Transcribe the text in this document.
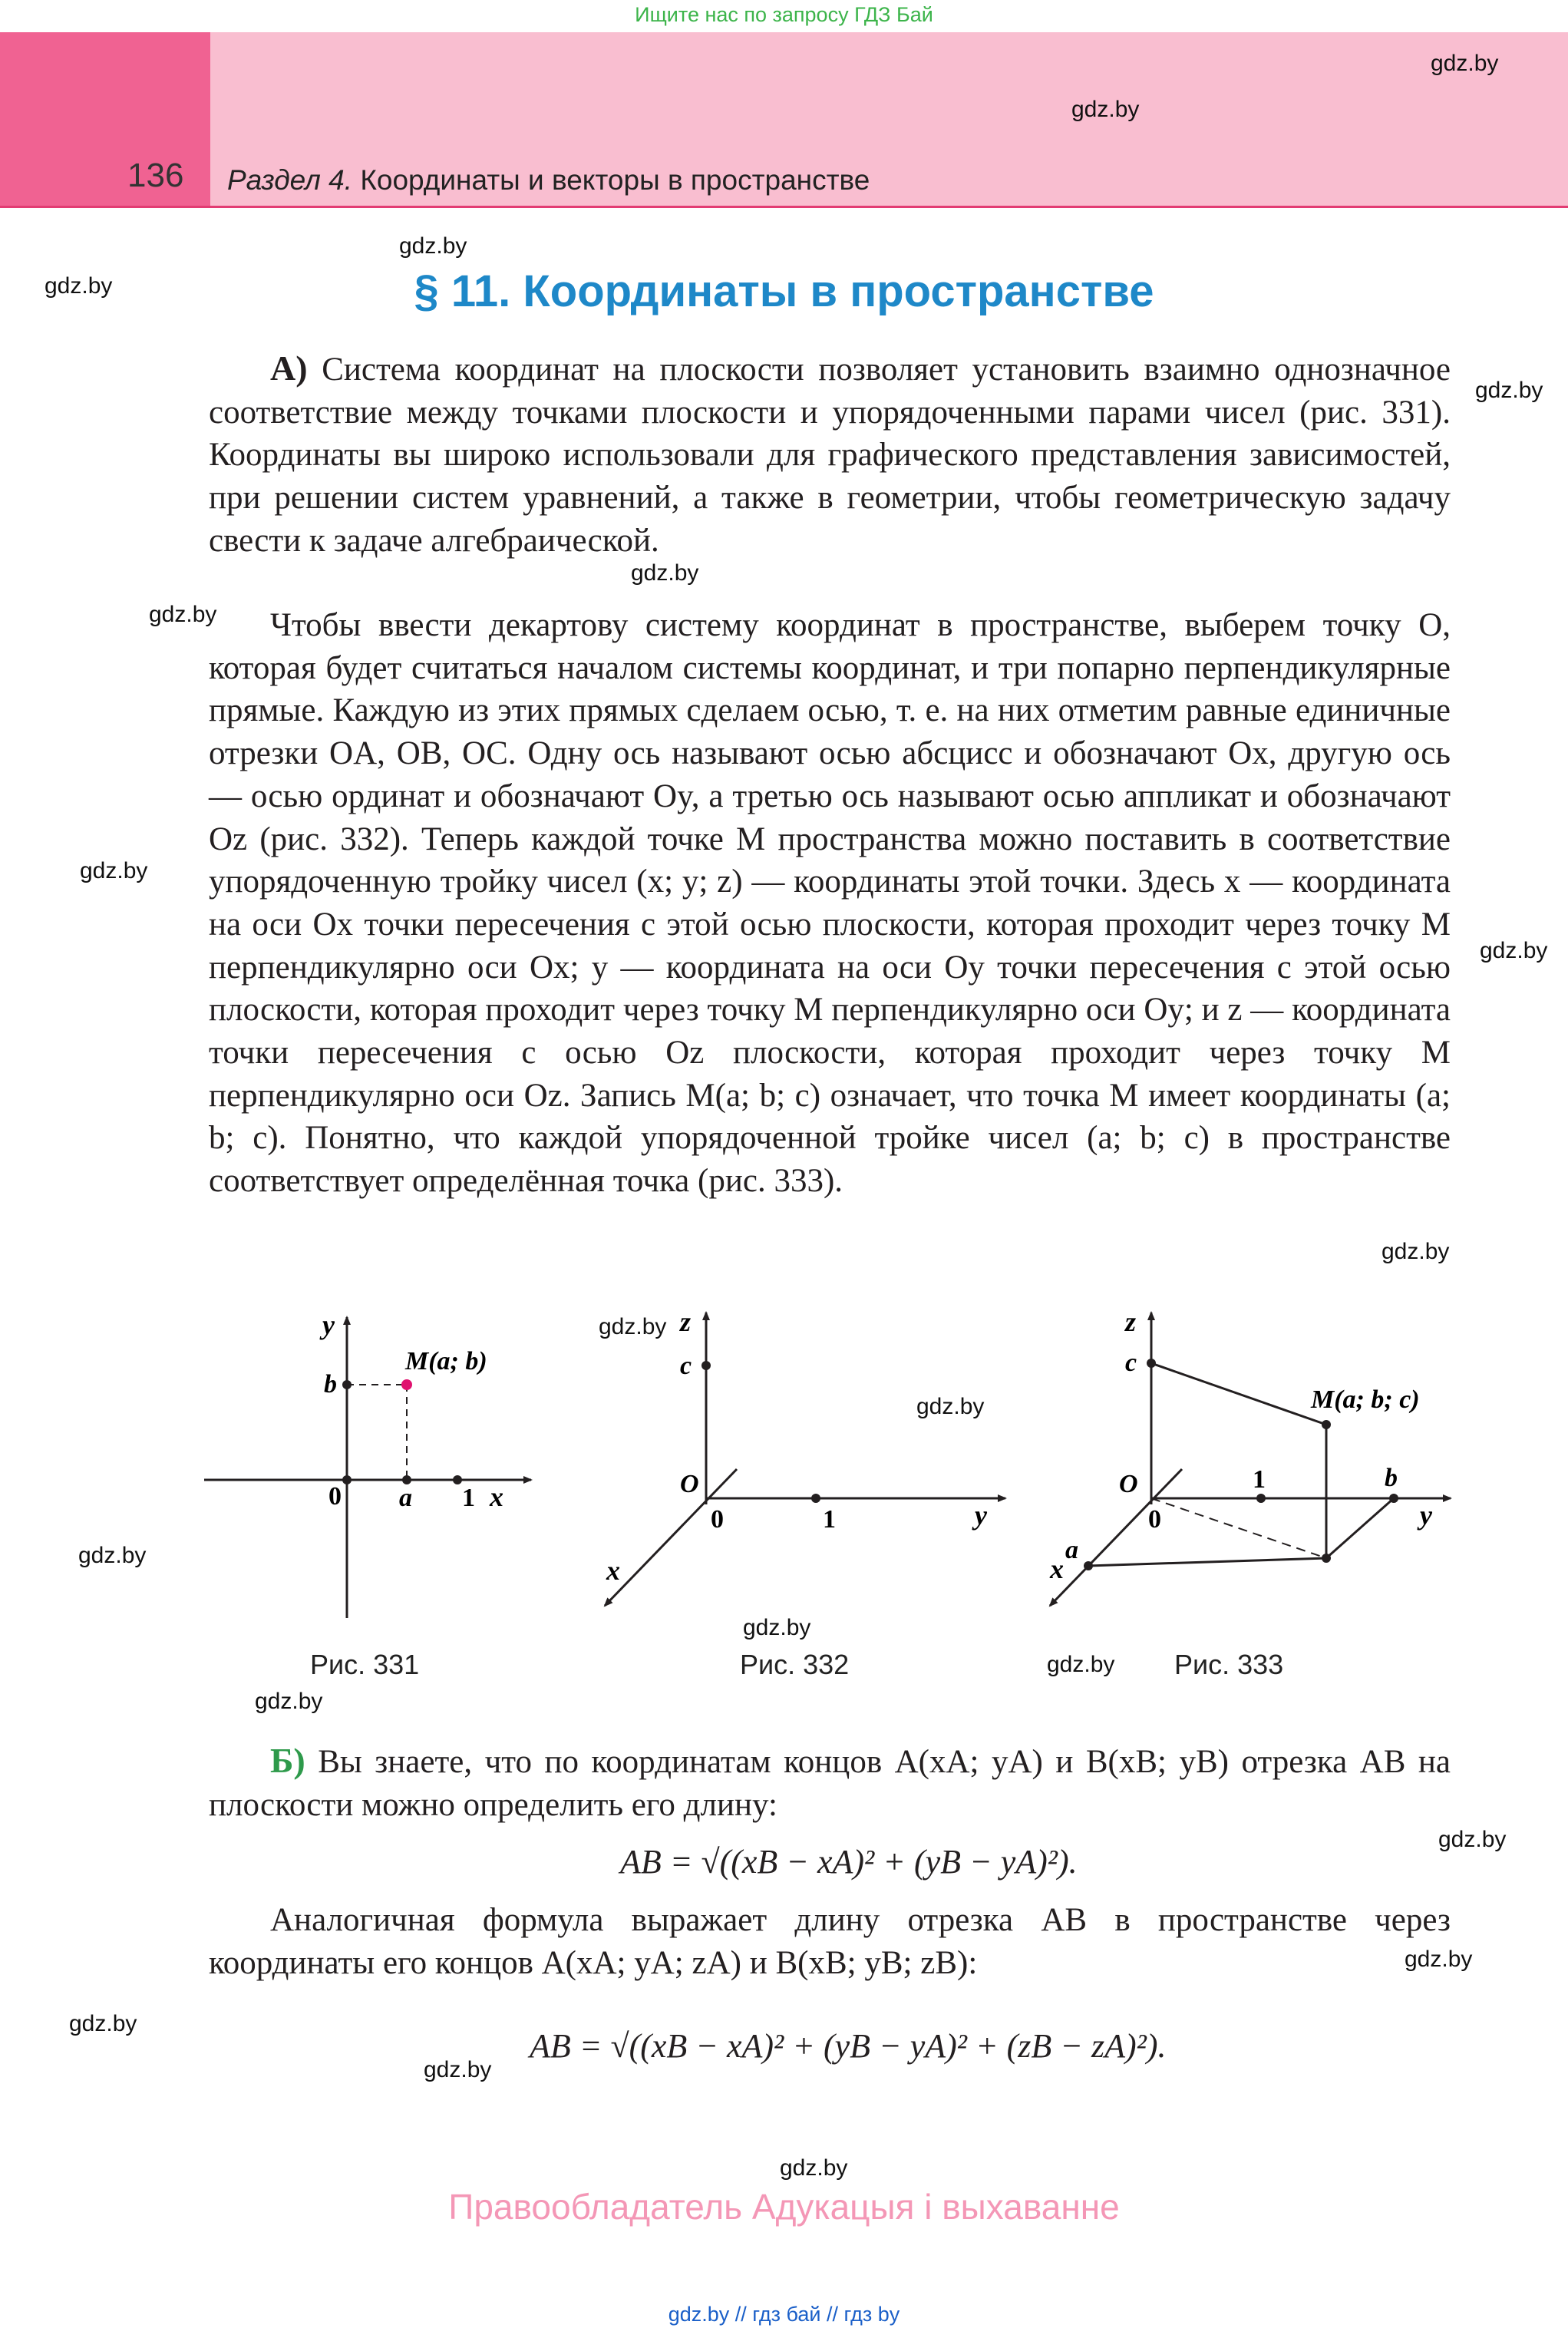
Ищите нас по запросу ГДЗ Бай
136 Раздел 4. Координаты и векторы в пространстве
gdz.by
gdz.by
gdz.by
gdz.by
gdz.by
gdz.by
gdz.by
gdz.by
gdz.by
gdz.by
gdz.by
gdz.by
gdz.by
gdz.by
gdz.by
gdz.by
gdz.by
gdz.by
gdz.by
gdz.by
gdz.by
§ 11. Координаты в пространстве

А) Система координат на плоскости позволяет установить взаимно однозначное соответствие между точками плоскости и упорядоченными парами чисел (рис. 331). Координаты вы широко использовали для графического представления зависимостей, при решении систем уравнений, а также в геометрии, чтобы геометрическую задачу свести к задаче алгебраической.

Чтобы ввести декартову систему координат в пространстве, выберем точку O, которая будет считаться началом системы координат, и три попарно перпендикулярные прямые. Каждую из этих прямых сделаем осью, т. е. на них отметим равные единичные отрезки OA, OB, OC. Одну ось называют осью абсцисс и обозначают Ox, другую ось — осью ординат и обозначают Oy, а третью ось называют осью аппликат и обозначают Oz (рис. 332). Теперь каждой точке M пространства можно поставить в соответствие упорядоченную тройку чисел (x; y; z) — координаты этой точки. Здесь x — координата на оси Ox точки пересечения с этой осью плоскости, которая проходит через точку M перпендикулярно оси Ox; y — координата на оси Oy точки пересечения с этой осью плоскости, которая проходит через точку M перпендикулярно оси Oy; и z — координата точки пересечения с осью Oz плоскости, которая проходит через точку M перпендикулярно оси Oz. Запись M(a; b; c) означает, что точка M имеет координаты (a; b; c). Понятно, что каждой упорядоченной тройке чисел (a; b; c) в пространстве соответствует определённая точка (рис. 333).

y
b
0 a 1 x
M(a; b)
Рис. 331
z
c
O
0	1	y
x
Рис. 332
z
c
O
0
1	b
y
a
x
M(a; b; c)
Рис. 333

Б) Вы знаете, что по координатам концов A(xA; yA) и B(xB; yB) отрезка AB на плоскости можно определить его длину:

AB = √((xB − xA)² + (yB − yA)²).

Аналогичная формула выражает длину отрезка AB в пространстве через координаты его концов A(xA; yA; zA) и B(xB; yB; zB):

AB = √((xB − xA)² + (yB − yA)² + (zB − zA)²).
Правообладатель Адукацыя і выхаванне
gdz.by // гдз бай // гдз by
